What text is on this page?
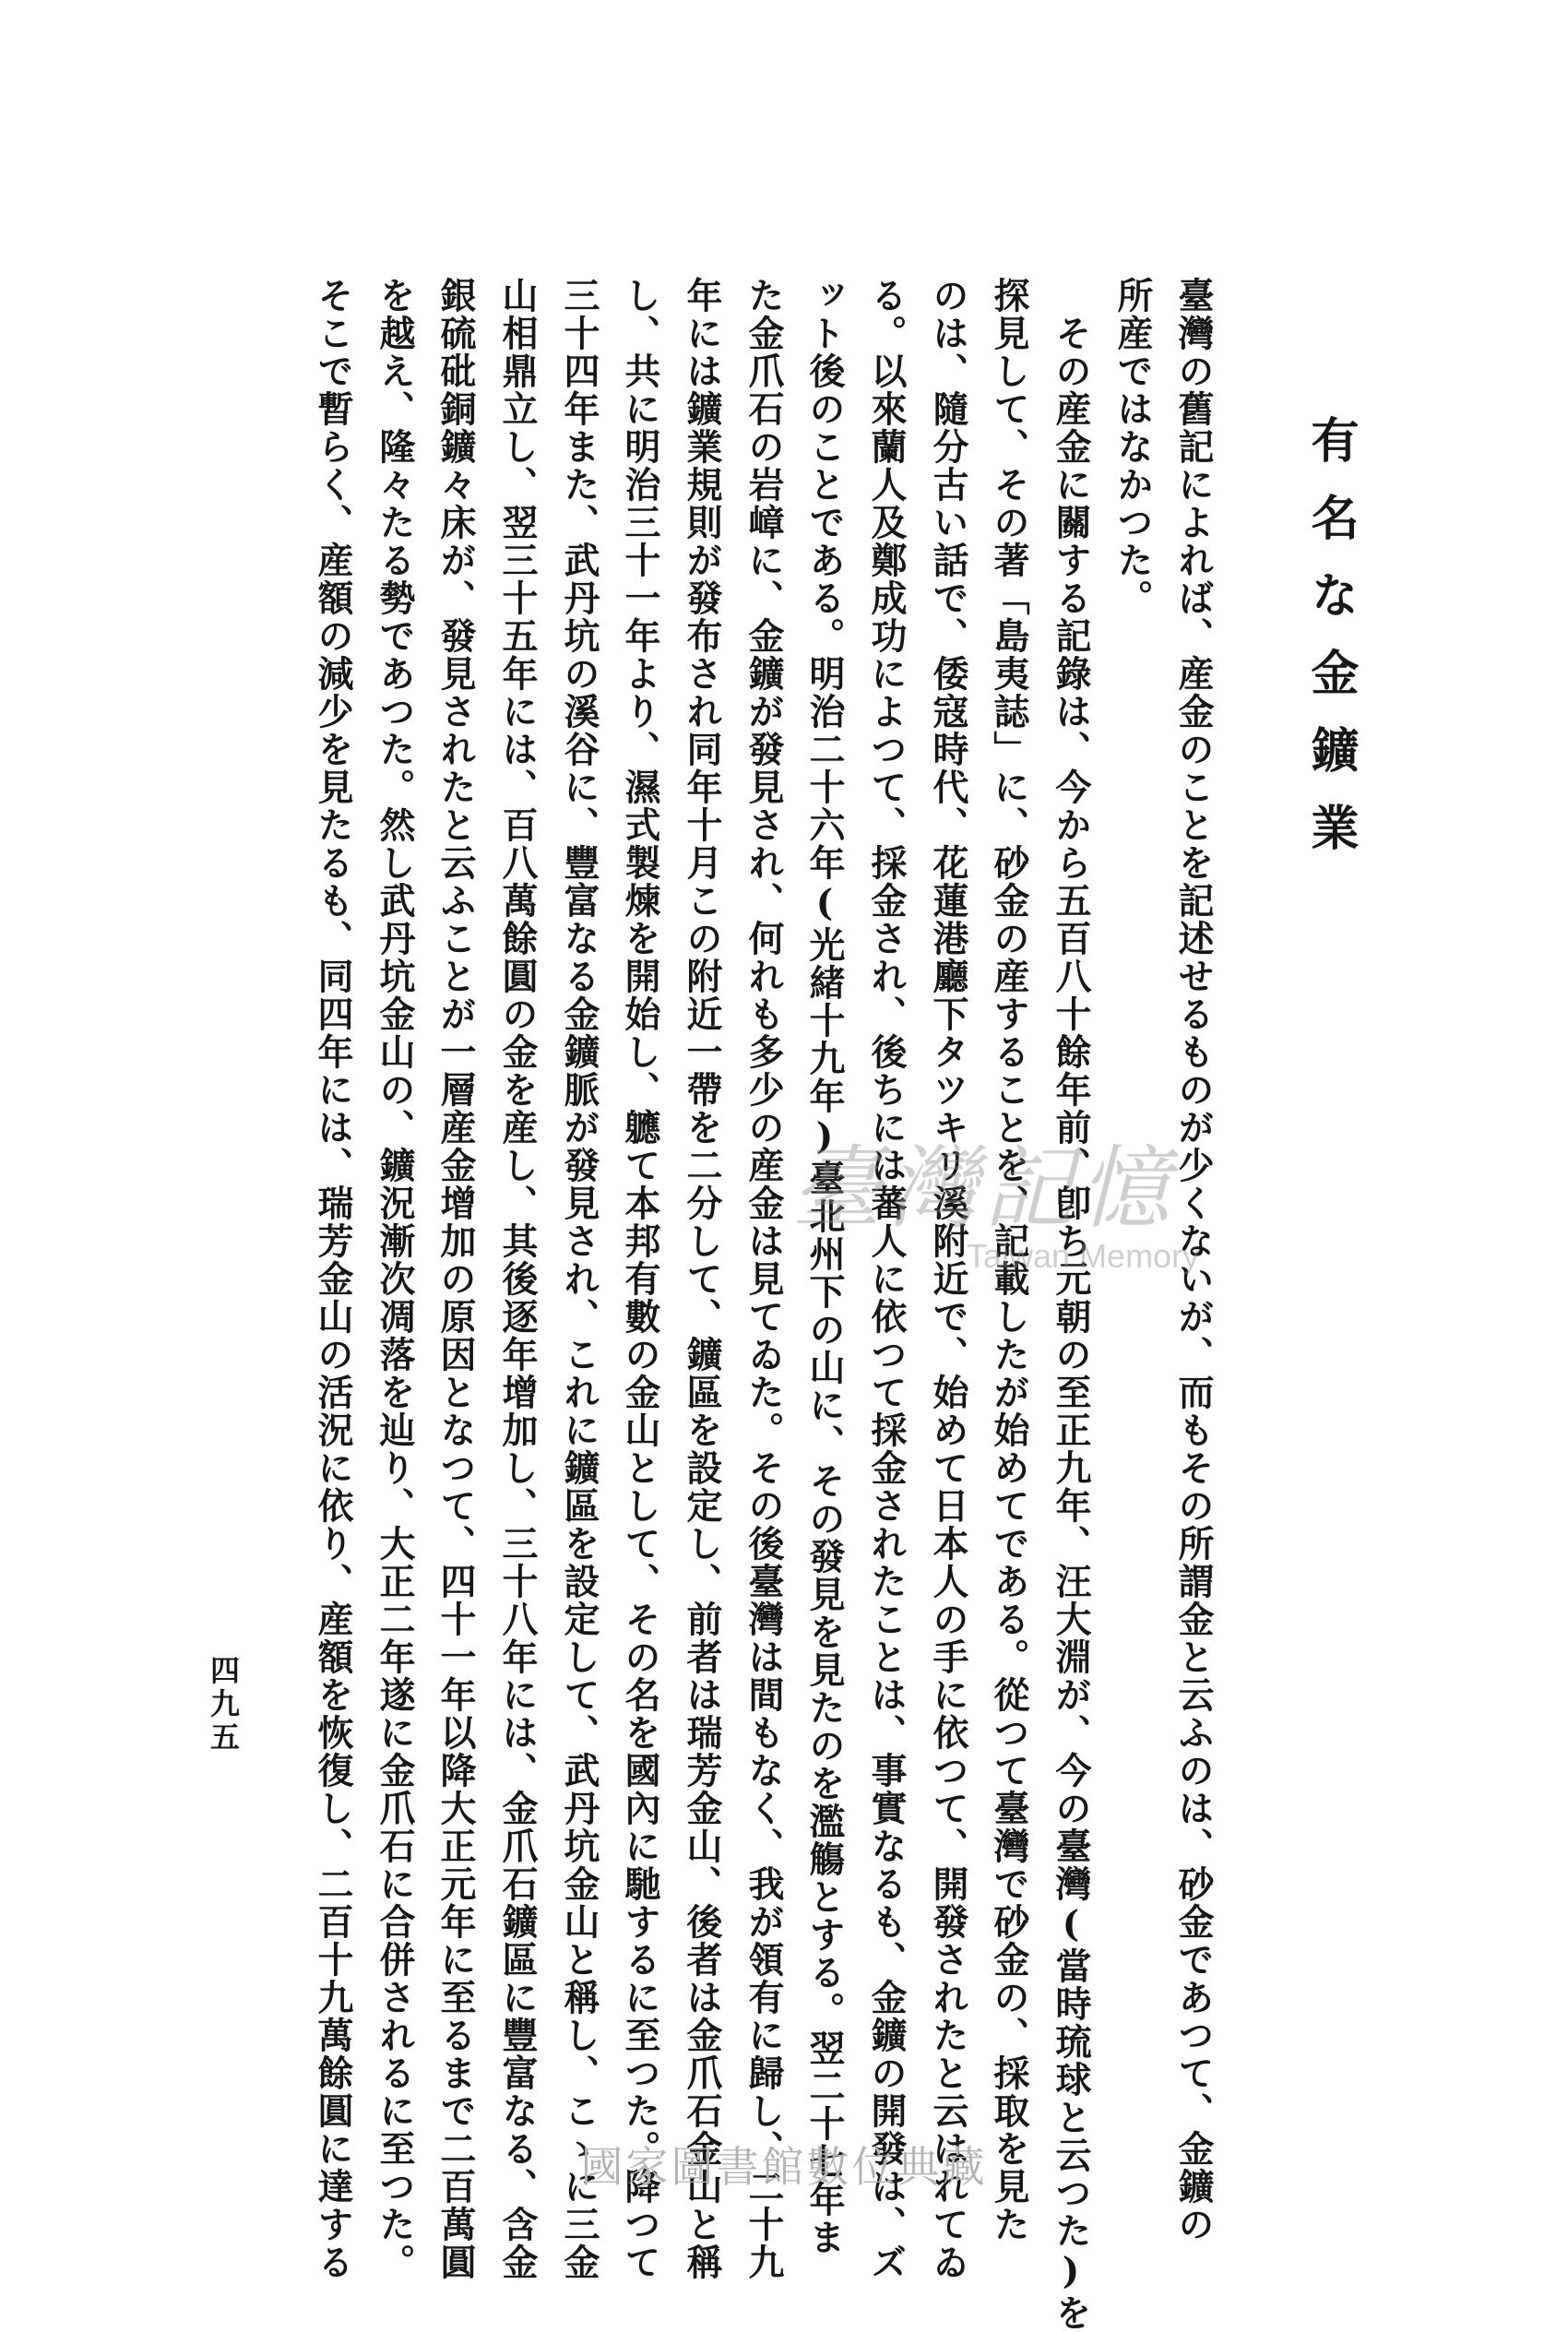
有名な金鑛業
臺灣の舊記によれば、産金のことを記述せるものが少くないが、而もその所謂金と云ふのは、砂金であつて、金鑛の
所産ではなかつた。
その産金に關する記錄は、今から五百八十餘年前、卽ち元朝の至正九年、汪大淵が、今の臺灣(當時琉球と云つた)を
探見して、その著「島夷誌」に、砂金の産することを、記載したが始めてである。從つて臺灣で砂金の、採取を見た
のは、隨分古い話で、倭寇時代、花蓮港廳下タツキリ溪附近で、始めて日本人の手に依つて、開發されたと云はれてゐ
る。以來蘭人及鄭成功によつて、採金され、後ちには蕃人に依つて採金されたことは、事實なるも、金鑛の開發は、ズ
ット後のことである。明治二十六年(光緒十九年)臺北州下の山に、その發見を見たのを濫觴とする。翌二十七年ま
た金爪石の岩嶂に、金鑛が發見され、何れも多少の産金は見てゐた。その後臺灣は間もなく、我が領有に歸し、二十九
年には鑛業規則が發布され同年十月この附近一帶を二分して、鑛區を設定し、前者は瑞芳金山、後者は金爪石金山と稱
し、共に明治三十一年より、濕式製煉を開始し、軈て本邦有數の金山として、その名を國內に馳するに至つた。降つて
三十四年また、武丹坑の溪谷に、豐富なる金鑛脈が發見され、これに鑛區を設定して、武丹坑金山と稱し、こゝに三金
山相鼎立し、翌三十五年には、百八萬餘圓の金を産し、其後逐年增加し、三十八年には、金爪石鑛區に豐富なる、含金
銀硫砒銅鑛々床が、發見されたと云ふことが一層産金增加の原因となつて、四十一年以降大正元年に至るまで二百萬圓
を越え、隆々たる勢であつた。然し武丹坑金山の、鑛況漸次凋落を辿り、大正二年遂に金爪石に合併されるに至つた。
そこで暫らく、産額の減少を見たるも、同四年には、瑞芳金山の活況に依り、産額を恢復し、二百十九萬餘圓に達する
四九五
臺灣記憶
Taiwan Memory
國家圖書館數位典藏
